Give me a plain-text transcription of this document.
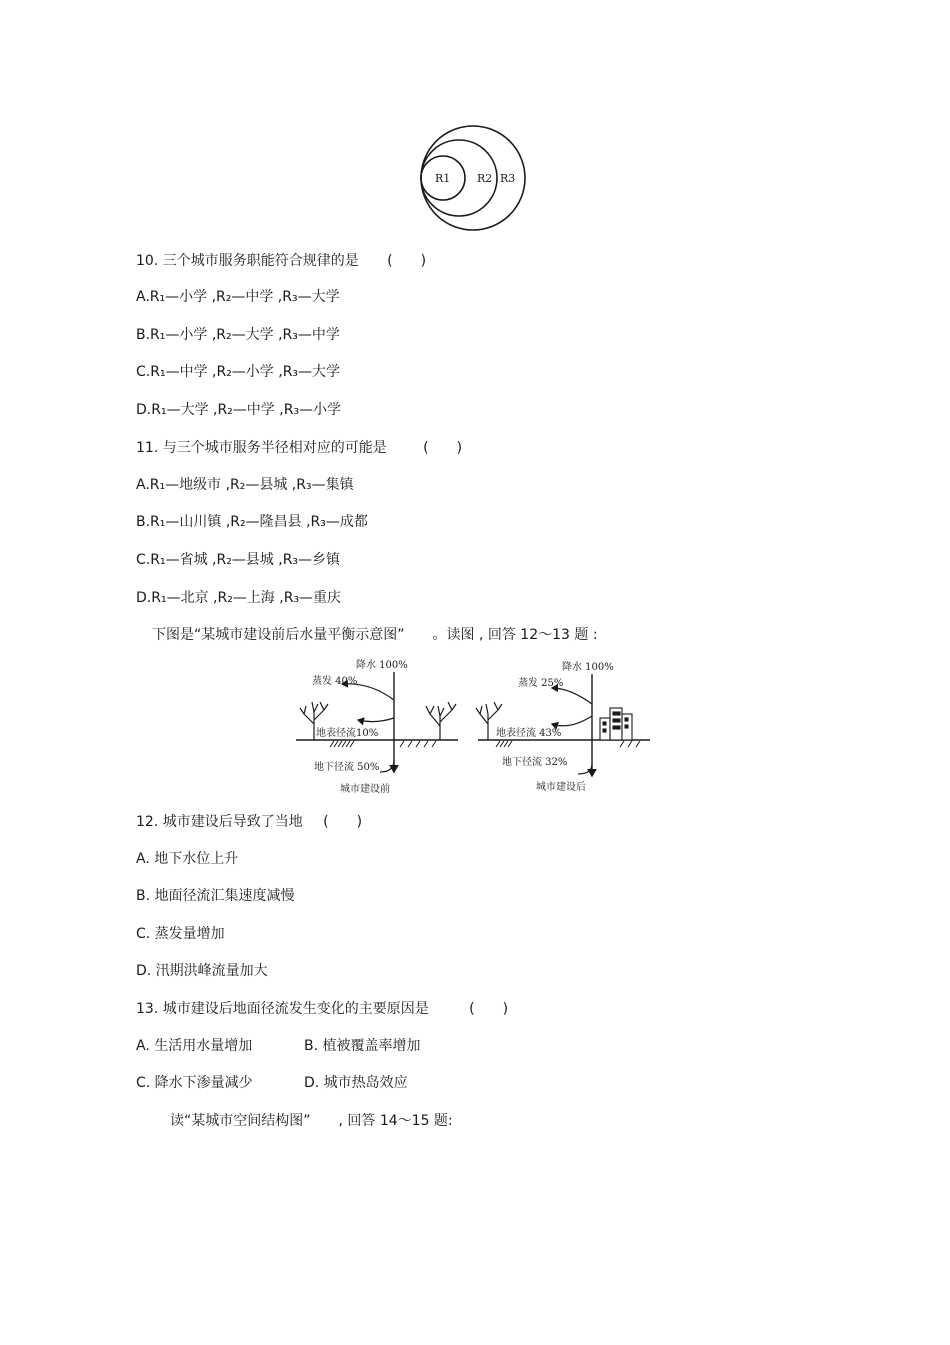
R1 R2 R3
10. 三个城市服务职能符合规律的是 (　　)
A.R₁—小学 ,R₂—中学 ,R₃—大学
B.R₁—小学 ,R₂—大学 ,R₃—中学
C.R₁—中学 ,R₂—小学 ,R₃—大学
D.R₁—大学 ,R₂—中学 ,R₃—小学
11. 与三个城市服务半径相对应的可能是	(　　)
A.R₁—地级市 ,R₂—县城 ,R₃—集镇
B.R₁—山川镇 ,R₂—隆昌县 ,R₃—成都
C.R₁—省城 ,R₂—县城 ,R₃—乡镇
D.R₁—北京 ,R₂—上海 ,R₃—重庆
下图是“某城市建设前后水量平衡示意图”　　。读图 , 回答 12～13 题 :
降水 100%
蒸发 40%
地表径流10%
地下径流 50%
城市建设前
降水 100%
蒸发 25%
地表径流 43%
地下径流 32%
城市建设后
12. 城市建设后导致了当地 (　　)
A. 地下水位上升
B. 地面径流汇集速度减慢
C. 蒸发量增加
D. 汛期洪峰流量加大
13. 城市建设后地面径流发生变化的主要原因是	(　　)
A. 生活用水量增加	B. 植被覆盖率增加
C. 降水下渗量减少	D. 城市热岛效应
读“某城市空间结构图”　　, 回答 14～15 题:
